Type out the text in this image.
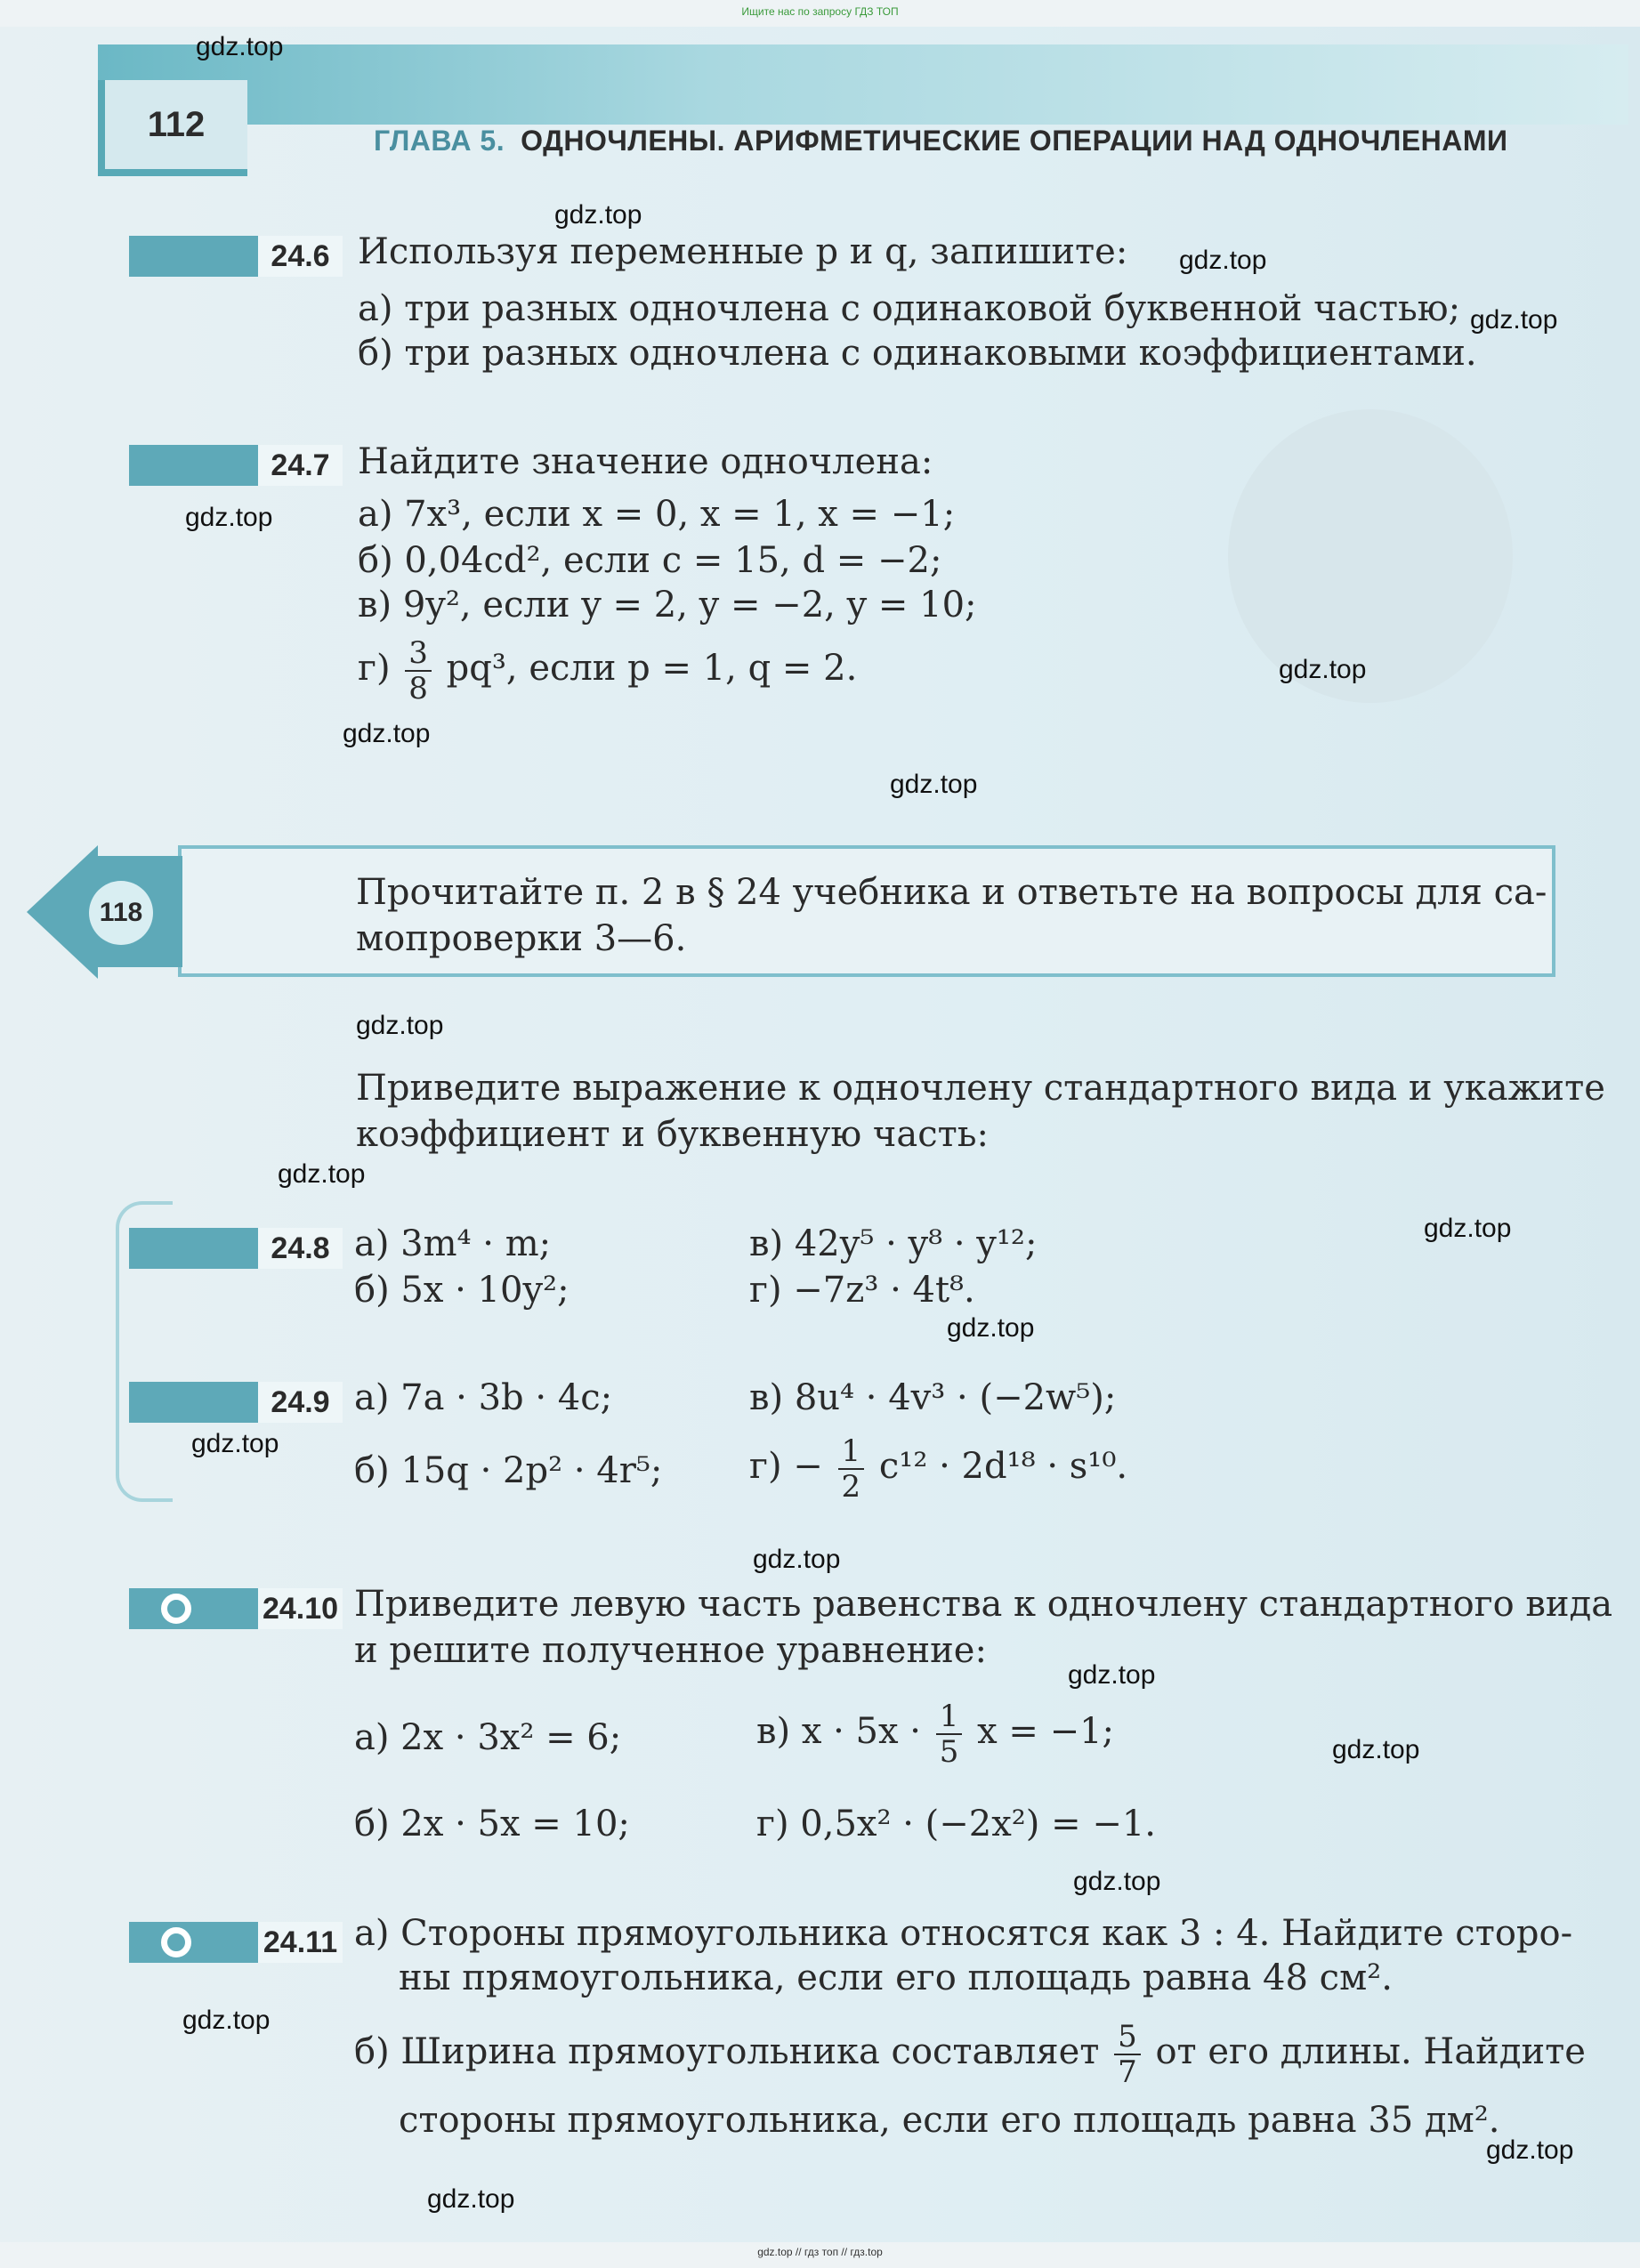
Ищите нас по запросу ГДЗ ТОП
112	ГЛАВА 5. ОДНОЧЛЕНЫ. АРИФМЕТИЧЕСКИЕ ОПЕРАЦИИ НАД ОДНОЧЛЕНАМИ
gdz.top
gdz.top
gdz.top
gdz.top
gdz.top
gdz.top
gdz.top
gdz.top
gdz.top
gdz.top
gdz.top
gdz.top
gdz.top
gdz.top
gdz.top
gdz.top
gdz.top
gdz.top
gdz.top
gdz.top
24.6 Используя переменные p и q, запишите:
а) три разных одночлена с одинаковой буквенной частью;
б) три разных одночлена с одинаковыми коэффициентами.
24.7 Найдите значение одночлена:
а) 7x³, если x = 0, x = 1, x = −1;
б) 0,04cd², если c = 15, d = −2;
в) 9y², если y = 2, y = −2, y = 10;
$г) \frac{3}{8} pq^3$, если p = 1, q = 2.
118	Прочитайте п. 2 в § 24 учебника и ответьте на вопросы для са-
мопроверки 3—6.
Приведите выражение к одночлену стандартного вида и укажите
коэффициент и буквенную часть:
24.8 а) 3m⁴ · m;	в) 42y⁵ · y⁸ · y¹²;
б) 5x · 10y²;	г) −7z³ · 4t⁸.
24.9 а) 7a · 3b · 4c;	в) 8u⁴ · 4v³ · (−2w⁵);
б) 15q · 2p² · 4r⁵; $г) - \frac{1}{2} c^{12} \cdot 2d^{18} \cdot s^{10}$.
24.10 Приведите левую часть равенства к одночлену стандартного вида
и решите полученное уравнение:
а) 2x · 3x² = 6;	в) $x \cdot 5x \cdot \frac{1}{5}$ x = −1;
б) 2x · 5x = 10;	г) 0,5x² · (−2x²) = −1.
24.11 а) Стороны прямоугольника относятся как 3 : 4. Найдите сторо-
ны прямоугольника, если его площадь равна 48 см².
б) Ширина прямоугольника составляет $\frac{5}{7}$ от его длины. Найдите
стороны прямоугольника, если его площадь равна 35 дм².
gdz.top // гдз топ // гдз.top
